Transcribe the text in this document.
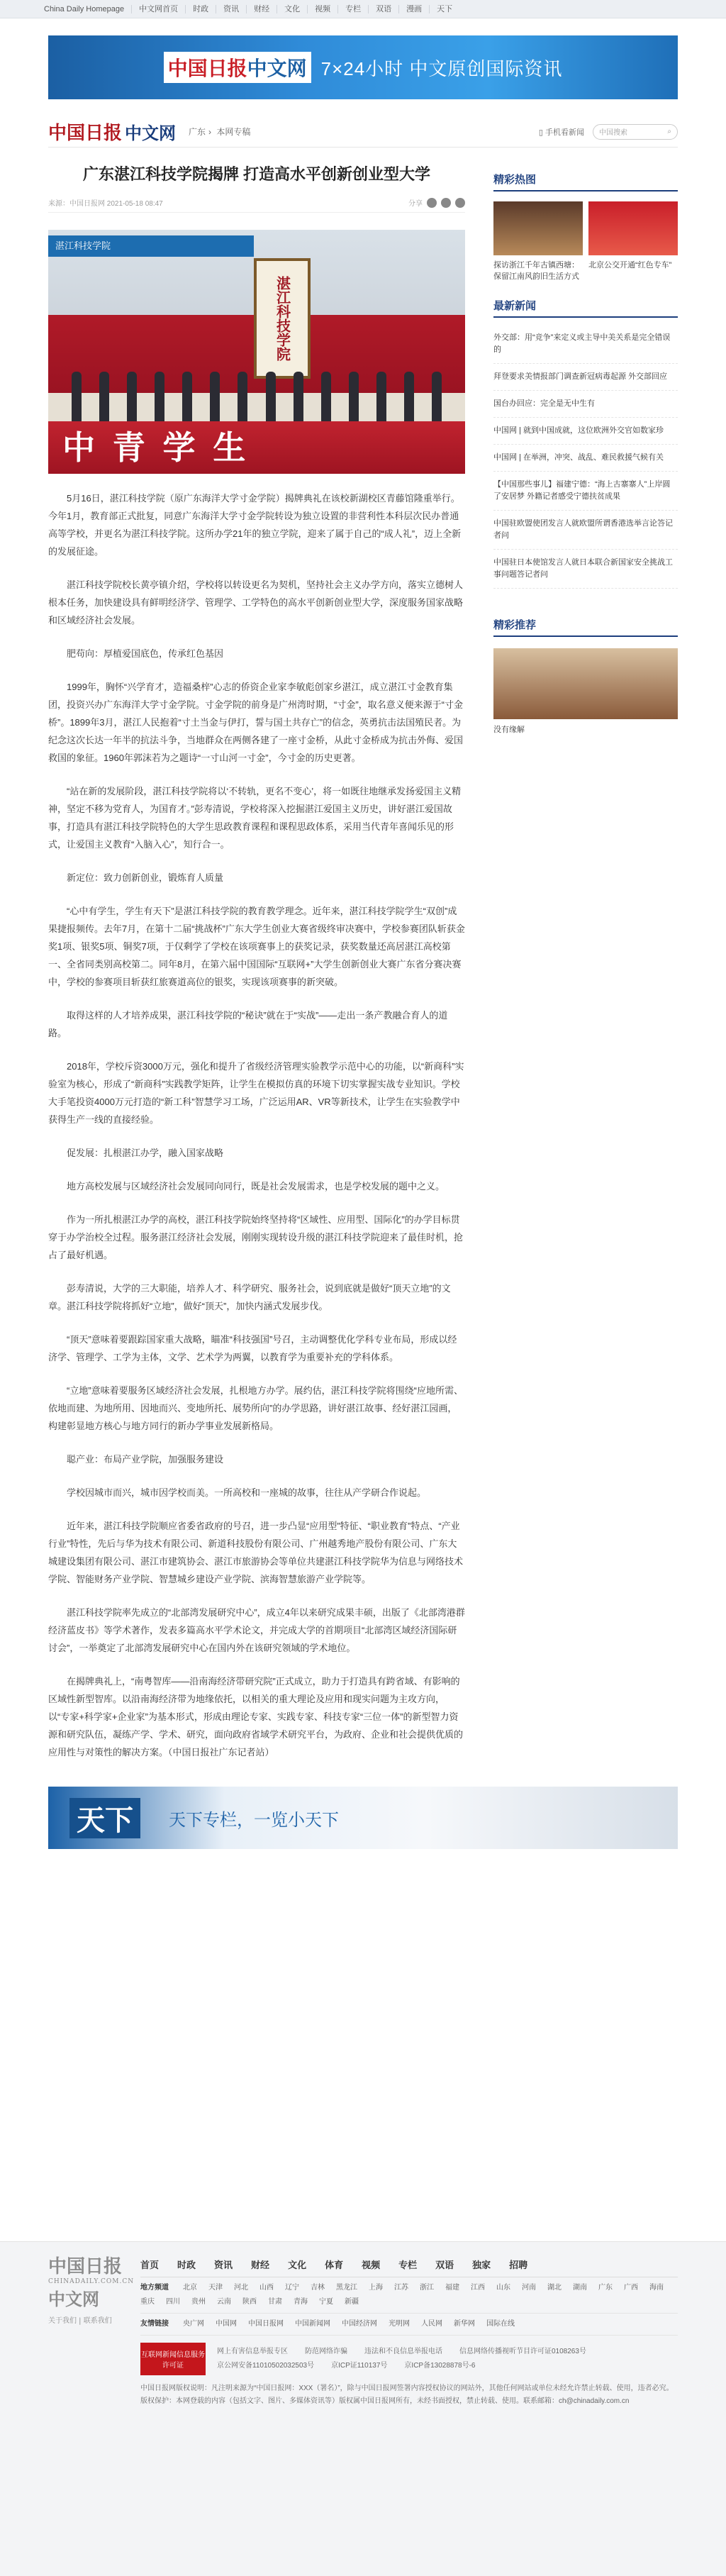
China Daily Homepage	中文网首页	时政	资讯	财经	文化	视频	专栏	双语	漫画	天下
中国日报中文网 7×24小时 中文原创国际资讯
中国日报 中文网	广东 › 本网专稿	▯ 手机看新闻 中国搜索	⌕
广东湛江科技学院揭牌 打造高水平创新创业型大学
来源：中国日报网 2021-05-18 08:47	分享
湛江科技学院
湛江科技学院
中 青 学 生

5月16日，湛江科技学院（原广东海洋大学寸金学院）揭牌典礼在该校新湖校区青藤馆隆重举行。今年1月，教育部正式批复，同意广东海洋大学寸金学院转设为独立设置的非营利性本科层次民办普通高等学校，并更名为湛江科技学院。这所办学21年的独立学院，迎来了属于自己的“成人礼”，迈上全新的发展征途。

湛江科技学院校长黄亭镇介绍，学校将以转设更名为契机，坚持社会主义办学方向，落实立德树人根本任务，加快建设具有鲜明经济学、管理学、工学特色的高水平创新创业型大学，深度服务国家战略和区域经济社会发展。

肥苟向：厚植爱国底色，传承红色基因

1999年，胸怀“兴学育才，造福桑梓”心志的侨资企业家李敏彪创家乡湛江，成立湛江寸金教育集团，投资兴办广东海洋大学寸金学院。寸金学院的前身是广州湾时期，“寸金”，取名意义便来源于“寸金桥”。1899年3月，湛江人民抱着“寸土当金与伊打，誓与国土共存亡”的信念，英勇抗击法国殖民者。为纪念这次长达一年半的抗法斗争，当地群众在两侧各建了一座寸金桥，从此寸金桥成为抗击外侮、爱国救国的象征。1960年郭沫若为之题诗“一寸山河一寸金”，今寸金的历史更著。

“站在新的发展阶段，湛江科技学院将以‘不转轨，更名不变心’，将一如既往地继承发扬爱国主义精神，坚定不移为党育人，为国育才。”彭寿清说，学校将深入挖掘湛江爱国主义历史，讲好湛江爱国故事，打造具有湛江科技学院特色的大学生思政教育课程和课程思政体系，采用当代青年喜闻乐见的形式，让爱国主义教育“入脑入心”，知行合一。

新定位：致力创新创业，锻炼育人质量

“心中有学生，学生有天下”是湛江科技学院的教育教学理念。近年来，湛江科技学院学生“双创”成果捷报频传。去年7月，在第十二届“挑战杯”广东大学生创业大赛省级终审决赛中，学校参赛团队斩获金奖1项、银奖5项、铜奖7项，于仅剩学了学校在该项赛事上的获奖记录，获奖数量还高居湛江高校第一、全省同类别高校第二。同年8月，在第六届中国国际“互联网+”大学生创新创业大赛广东省分赛决赛中，学校的参赛项目斩获红旅赛道高位的银奖，实现该项赛事的新突破。

取得这样的人才培养成果，湛江科技学院的“秘诀”就在于“实战”——走出一条产教融合育人的道路。

2018年，学校斥资3000万元，强化和提升了省级经济管理实验教学示范中心的功能，以“新商科”实验室为核心，形成了“新商科”实践教学矩阵，让学生在模拟仿真的环境下切实掌握实战专业知识。学校大手笔投资4000万元打造的“新工科”智慧学习工场，广泛运用AR、VR等新技术，让学生在实验教学中获得生产一线的直接经验。

促发展：扎根湛江办学，融入国家战略

地方高校发展与区域经济社会发展同向同行，既是社会发展需求，也是学校发展的题中之义。

作为一所扎根湛江办学的高校，湛江科技学院始终坚持将“区域性、应用型、国际化”的办学目标贯穿于办学治校全过程。服务湛江经济社会发展，刚刚实现转设升级的湛江科技学院迎来了最佳时机，抢占了最好机遇。

彭寿清说，大学的三大职能，培养人才、科学研究、服务社会，说到底就是做好“顶天立地”的文章。湛江科技学院将抓好“立地”，做好“顶天”，加快内涵式发展步伐。

“顶天”意味着要跟踪国家重大战略，瞄准“科技强国”号召，主动调整优化学科专业布局，形成以经济学、管理学、工学为主体，文学、艺术学为两翼，以教育学为重要补充的学科体系。

“立地”意味着要服务区域经济社会发展，扎根地方办学。展约估，湛江科技学院将围绕“应地所需、依地而建、为地所用、因地而兴、变地所托、展势所向”的办学思路，讲好湛江故事、经好湛江园画，构建彰显地方核心与地方同行的新办学事业发展新格局。

聪产业：布局产业学院，加强服务建设

学校因城市而兴，城市因学校而美。一所高校和一座城的故事，往往从产学研合作说起。

近年来，湛江科技学院顺应省委省政府的号召，进一步凸显“应用型”特征、“职业教育”特点、“产业行业”特性，先后与华为技术有限公司、新道科技股份有限公司、广州越秀地产股份有限公司、广东大城建设集团有限公司、湛江市建筑协会、湛江市旅游协会等单位共建湛江科技学院华为信息与网络技术学院、智能财务产业学院、智慧城乡建设产业学院、滨海智慧旅游产业学院等。

湛江科技学院率先成立的“北部湾发展研究中心”，成立4年以来研究成果丰硕，出版了《北部湾港群经济蓝皮书》等学术著作，发表多篇高水平学术论文，并完成大学的首期项目“北部湾区域经济国际研讨会”，一举奠定了北部湾发展研究中心在国内外在该研究领域的学术地位。

在揭牌典礼上，“南粤智库——沿南海经济带研究院”正式成立，助力于打造具有跨省域、有影响的区域性新型智库。以沿南海经济带为地缘依托，以相关的重大理论及应用和现实问题为主攻方向，以“专家+科学家+企业家”为基本形式，形成由理论专家、实践专家、科技专家“三位一体”的新型智力资源和研究队伍，凝练产学、学术、研究，面向政府省域学术研究平台，为政府、企业和社会提供优质的应用性与对策性的解决方案。（中国日报社广东记者站）

精彩热图
探访浙江千年古镇西塘：保留江南风韵旧生活方式
北京公交开通“红色专车”
最新新闻
外交部：用“竞争”来定义或主导中美关系是完全错误的
拜登要求美情报部门调查新冠病毒起源 外交部回应
国台办回应：完全是无中生有
中国网 | 就到中国成就，这位欧洲外交官如数家珍
中国网 | 在举洲，冲突、战乱、难民救援气候有关
【中国那些事儿】福建宁德：“海上古寨寨人”上岸圆了安居梦 外籍记者感受宁德扶贫成果
中国驻欧盟使团发言人就欧盟所谓香港选举言论答记者问
中国驻日本使馆发言人就日本联合新国家安全挑战工事问题答记者问
精彩推荐
没有缘解
天下	天下专栏，一览小天下
中国日报
CHINADAILY.COM.CN
中文网
关于我们 | 联系我们
首页 时政 资讯 财经 文化 体育 视频 专栏 双语 独家 招聘
地方频道 北京 天津 河北 山西 辽宁 吉林 黑龙江 上海 江苏 浙江 福建 江西 山东 河南 湖北 湖南 广东 广西 海南
重庆 四川 贵州 云南 陕西 甘肃 青海 宁夏 新疆
友情链接 央广网 中国网 中国日报网 中国新闻网 中国经济网 光明网 人民网 新华网 国际在线
互联网新闻信息服务许可证
网上有害信息举报专区 防范网络诈骗 违法和不良信息举报电话 信息网络传播视听节目许可证0108263号
京公网安备11010502032503号 京ICP证110137号 京ICP备13028878号-6
中国日报网版权说明：凡注明来源为“中国日报网：XXX（署名）”，除与中国日报网签署内容授权协议的网站外，其他任何网站或单位未经允许禁止转载、使用，违者必究。
版权保护：本网登载的内容（包括文字、图片、多媒体资讯等）版权属中国日报网所有，未经书面授权，禁止转载、使用。联系邮箱：ch@chinadaily.com.cn
